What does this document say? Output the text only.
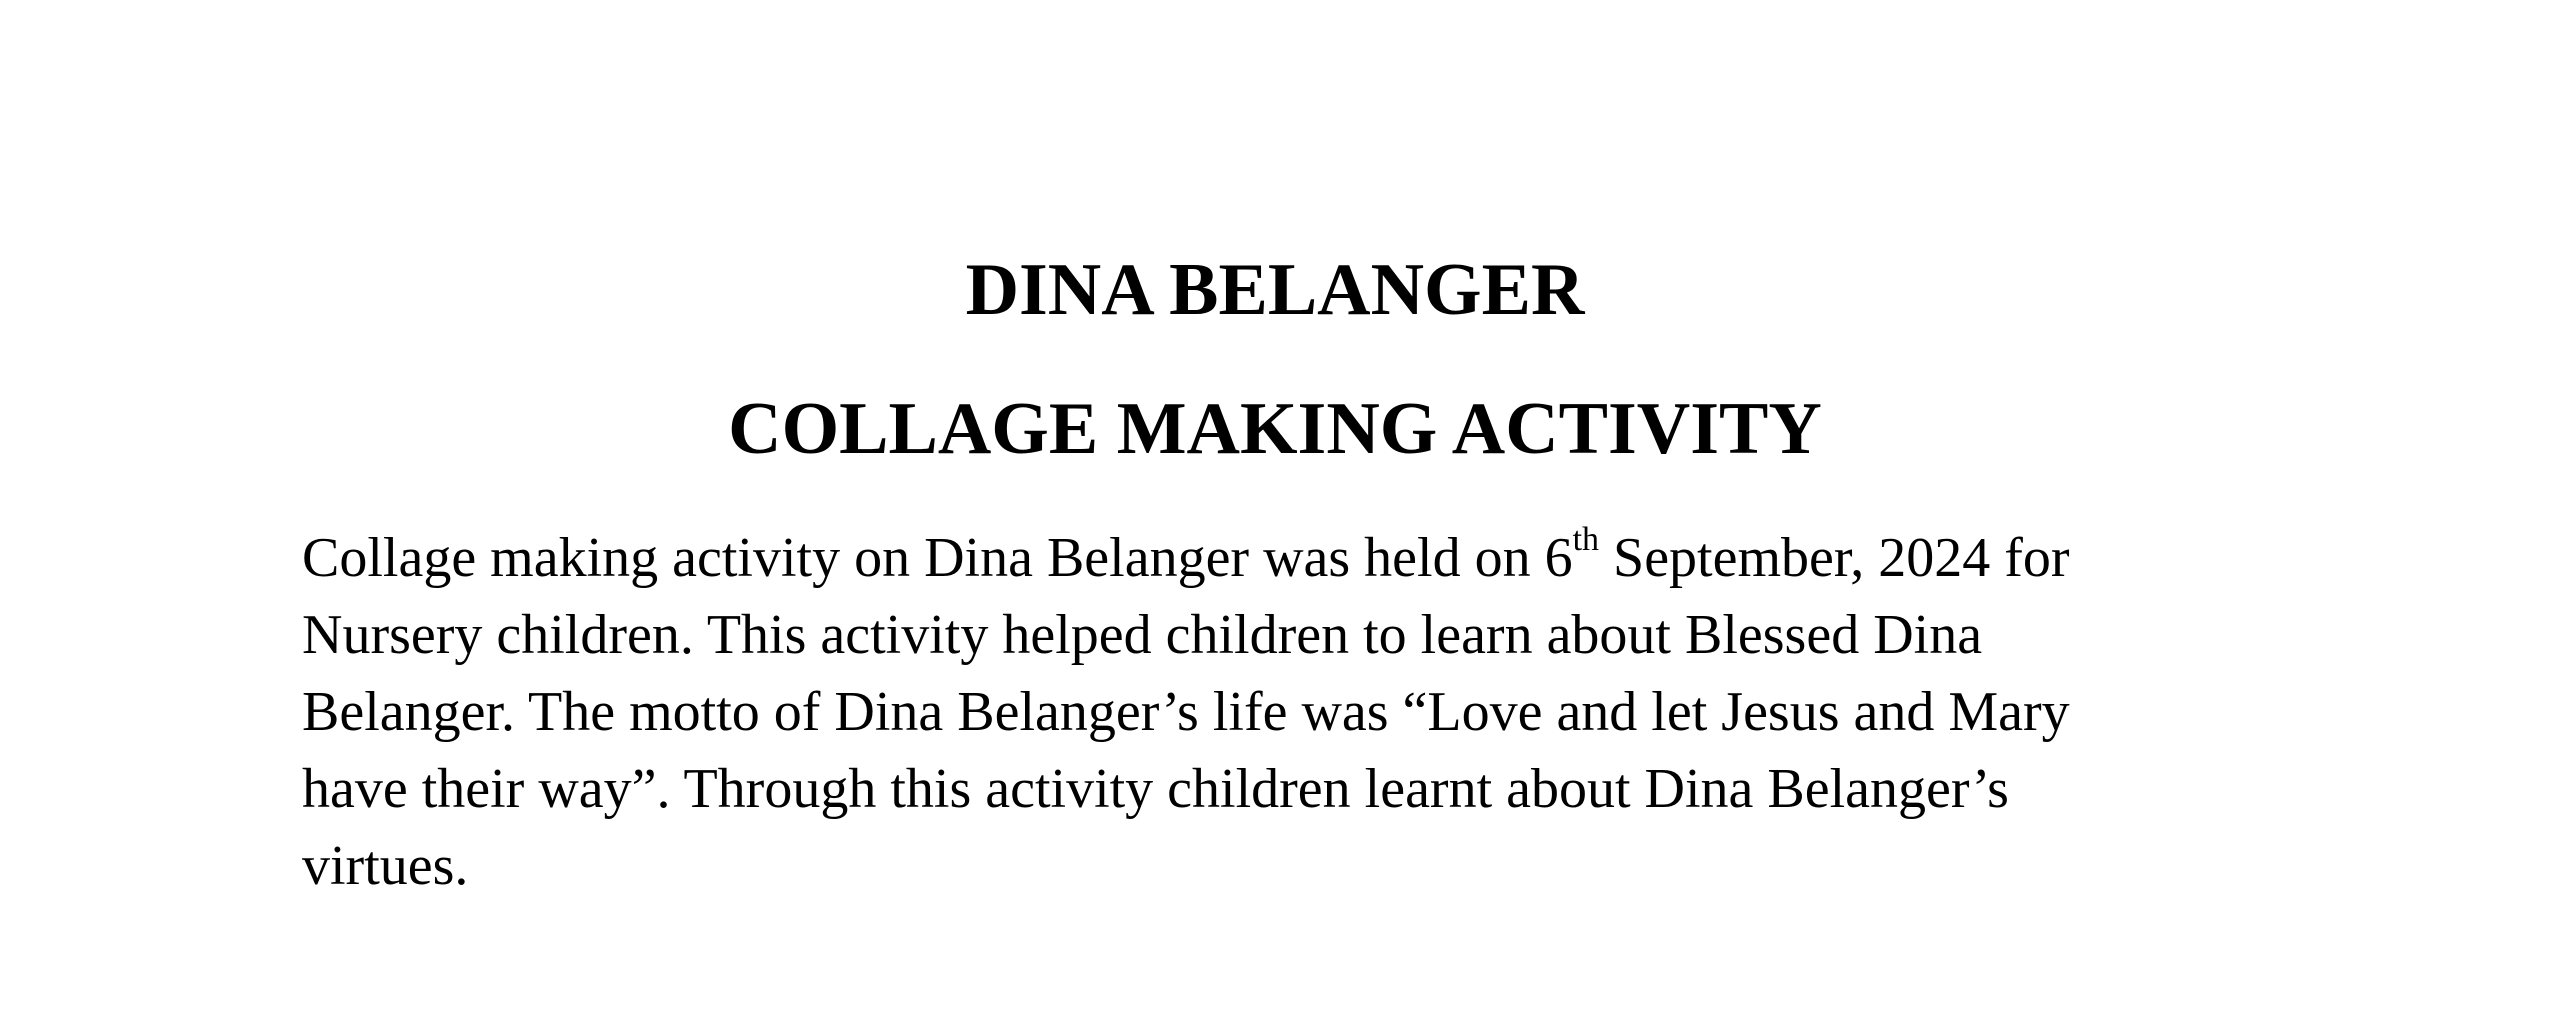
DINA BELANGER
COLLAGE MAKING ACTIVITY

Collage making activity on Dina Belanger was held on 6th September, 2024 for
Nursery children. This activity helped children to learn about Blessed Dina
Belanger. The motto of Dina Belanger’s life was “Love and let Jesus and Mary
have their way”. Through this activity children learnt about Dina Belanger’s
virtues.
